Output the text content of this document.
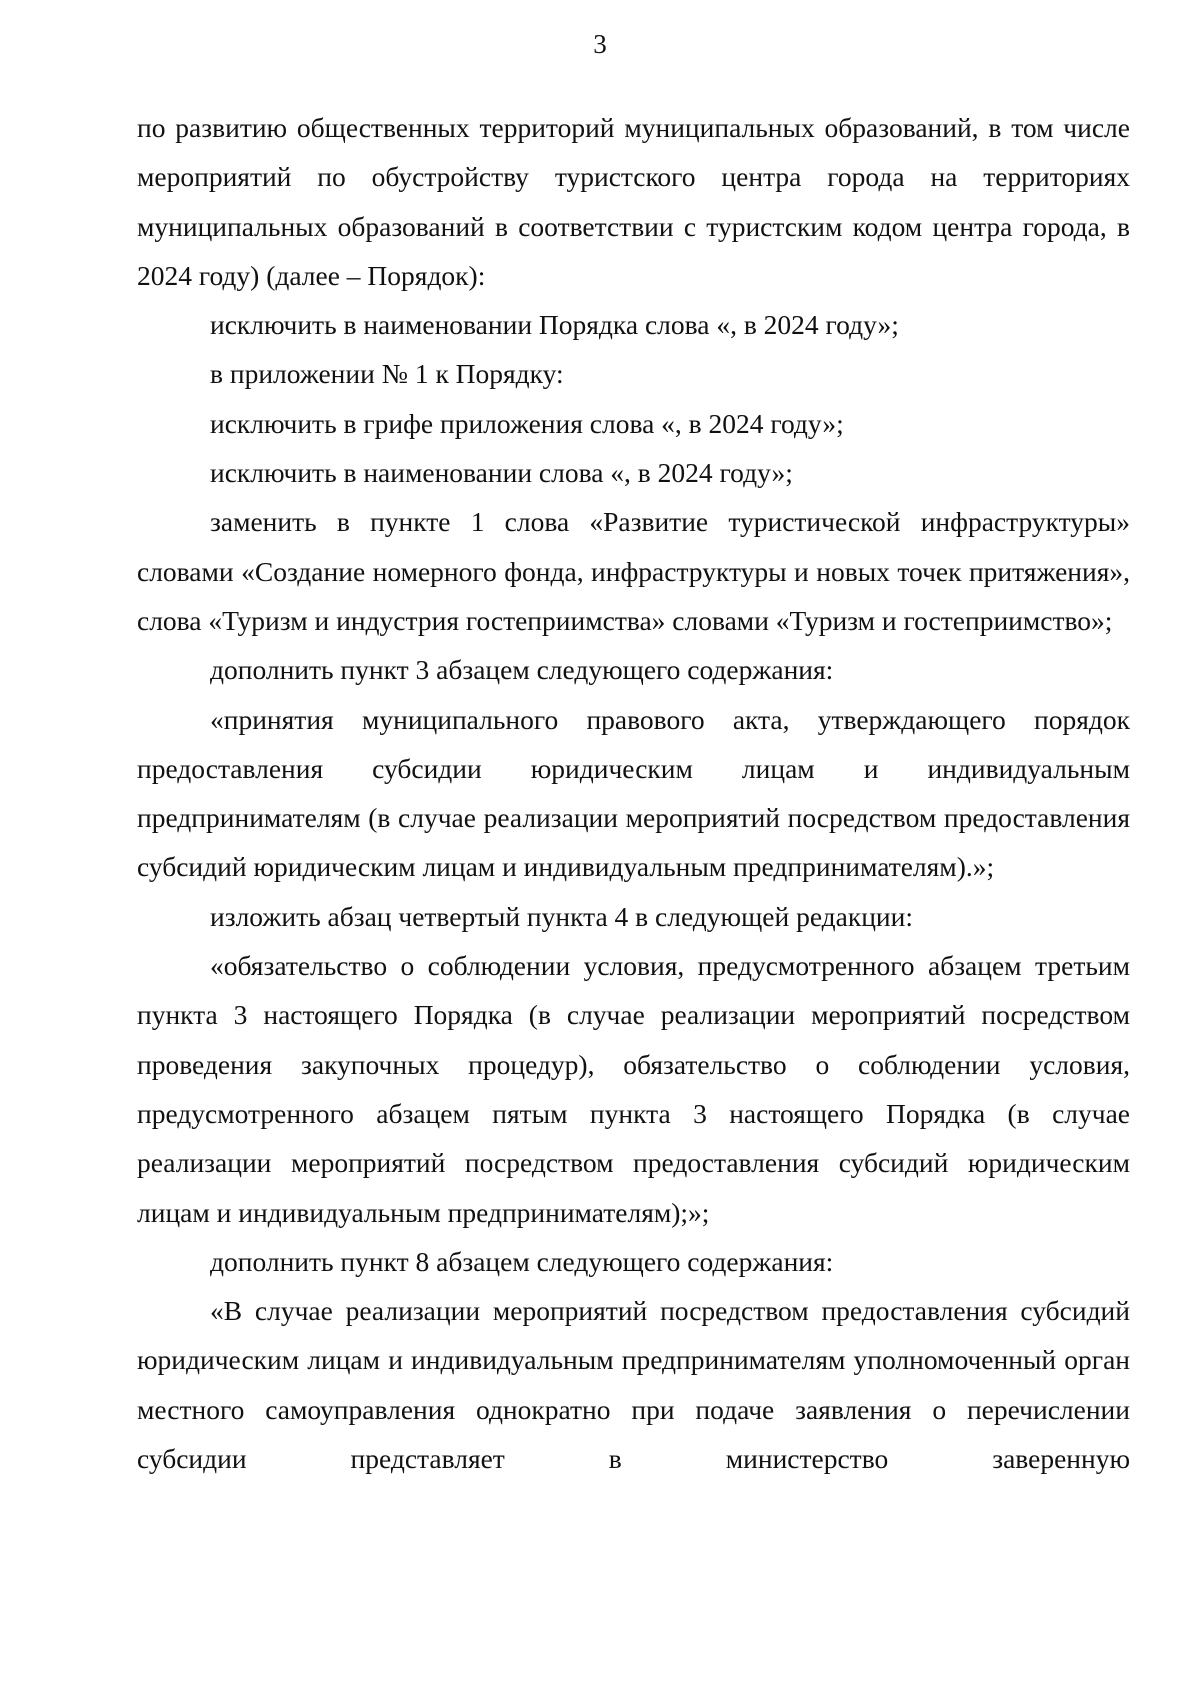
3

по развитию общественных территорий муниципальных образований, в том числе мероприятий по обустройству туристского центра города на территориях муниципальных образований в соответствии с туристским кодом центра города, в 2024 году) (далее – Порядок):

исключить в наименовании Порядка слова «, в 2024 году»;

в приложении № 1 к Порядку:

исключить в грифе приложения слова «, в 2024 году»;

исключить в наименовании слова «, в 2024 году»;

заменить в пункте 1 слова «Развитие туристической инфраструктуры» словами «Создание номерного фонда, инфраструктуры и новых точек притяжения», слова «Туризм и индустрия гостеприимства» словами «Туризм и гостеприимство»;

дополнить пункт 3 абзацем следующего содержания:

«принятия муниципального правового акта, утверждающего порядок предоставления субсидии юридическим лицам и индивидуальным предпринимателям (в случае реализации мероприятий посредством предоставления субсидий юридическим лицам и индивидуальным предпринимателям).»;

изложить абзац четвертый пункта 4 в следующей редакции:

«обязательство о соблюдении условия, предусмотренного абзацем третьим пункта 3 настоящего Порядка (в случае реализации мероприятий посредством проведения закупочных процедур), обязательство о соблюдении условия, предусмотренного абзацем пятым пункта 3 настоящего Порядка (в случае реализации мероприятий посредством предоставления субсидий юридическим лицам и индивидуальным предпринимателям);»;

дополнить пункт 8 абзацем следующего содержания:

«В случае реализации мероприятий посредством предоставления субсидий юридическим лицам и индивидуальным предпринимателям уполномоченный орган местного самоуправления однократно при подаче заявления о перечислении субсидии представляет в министерство заверенную
